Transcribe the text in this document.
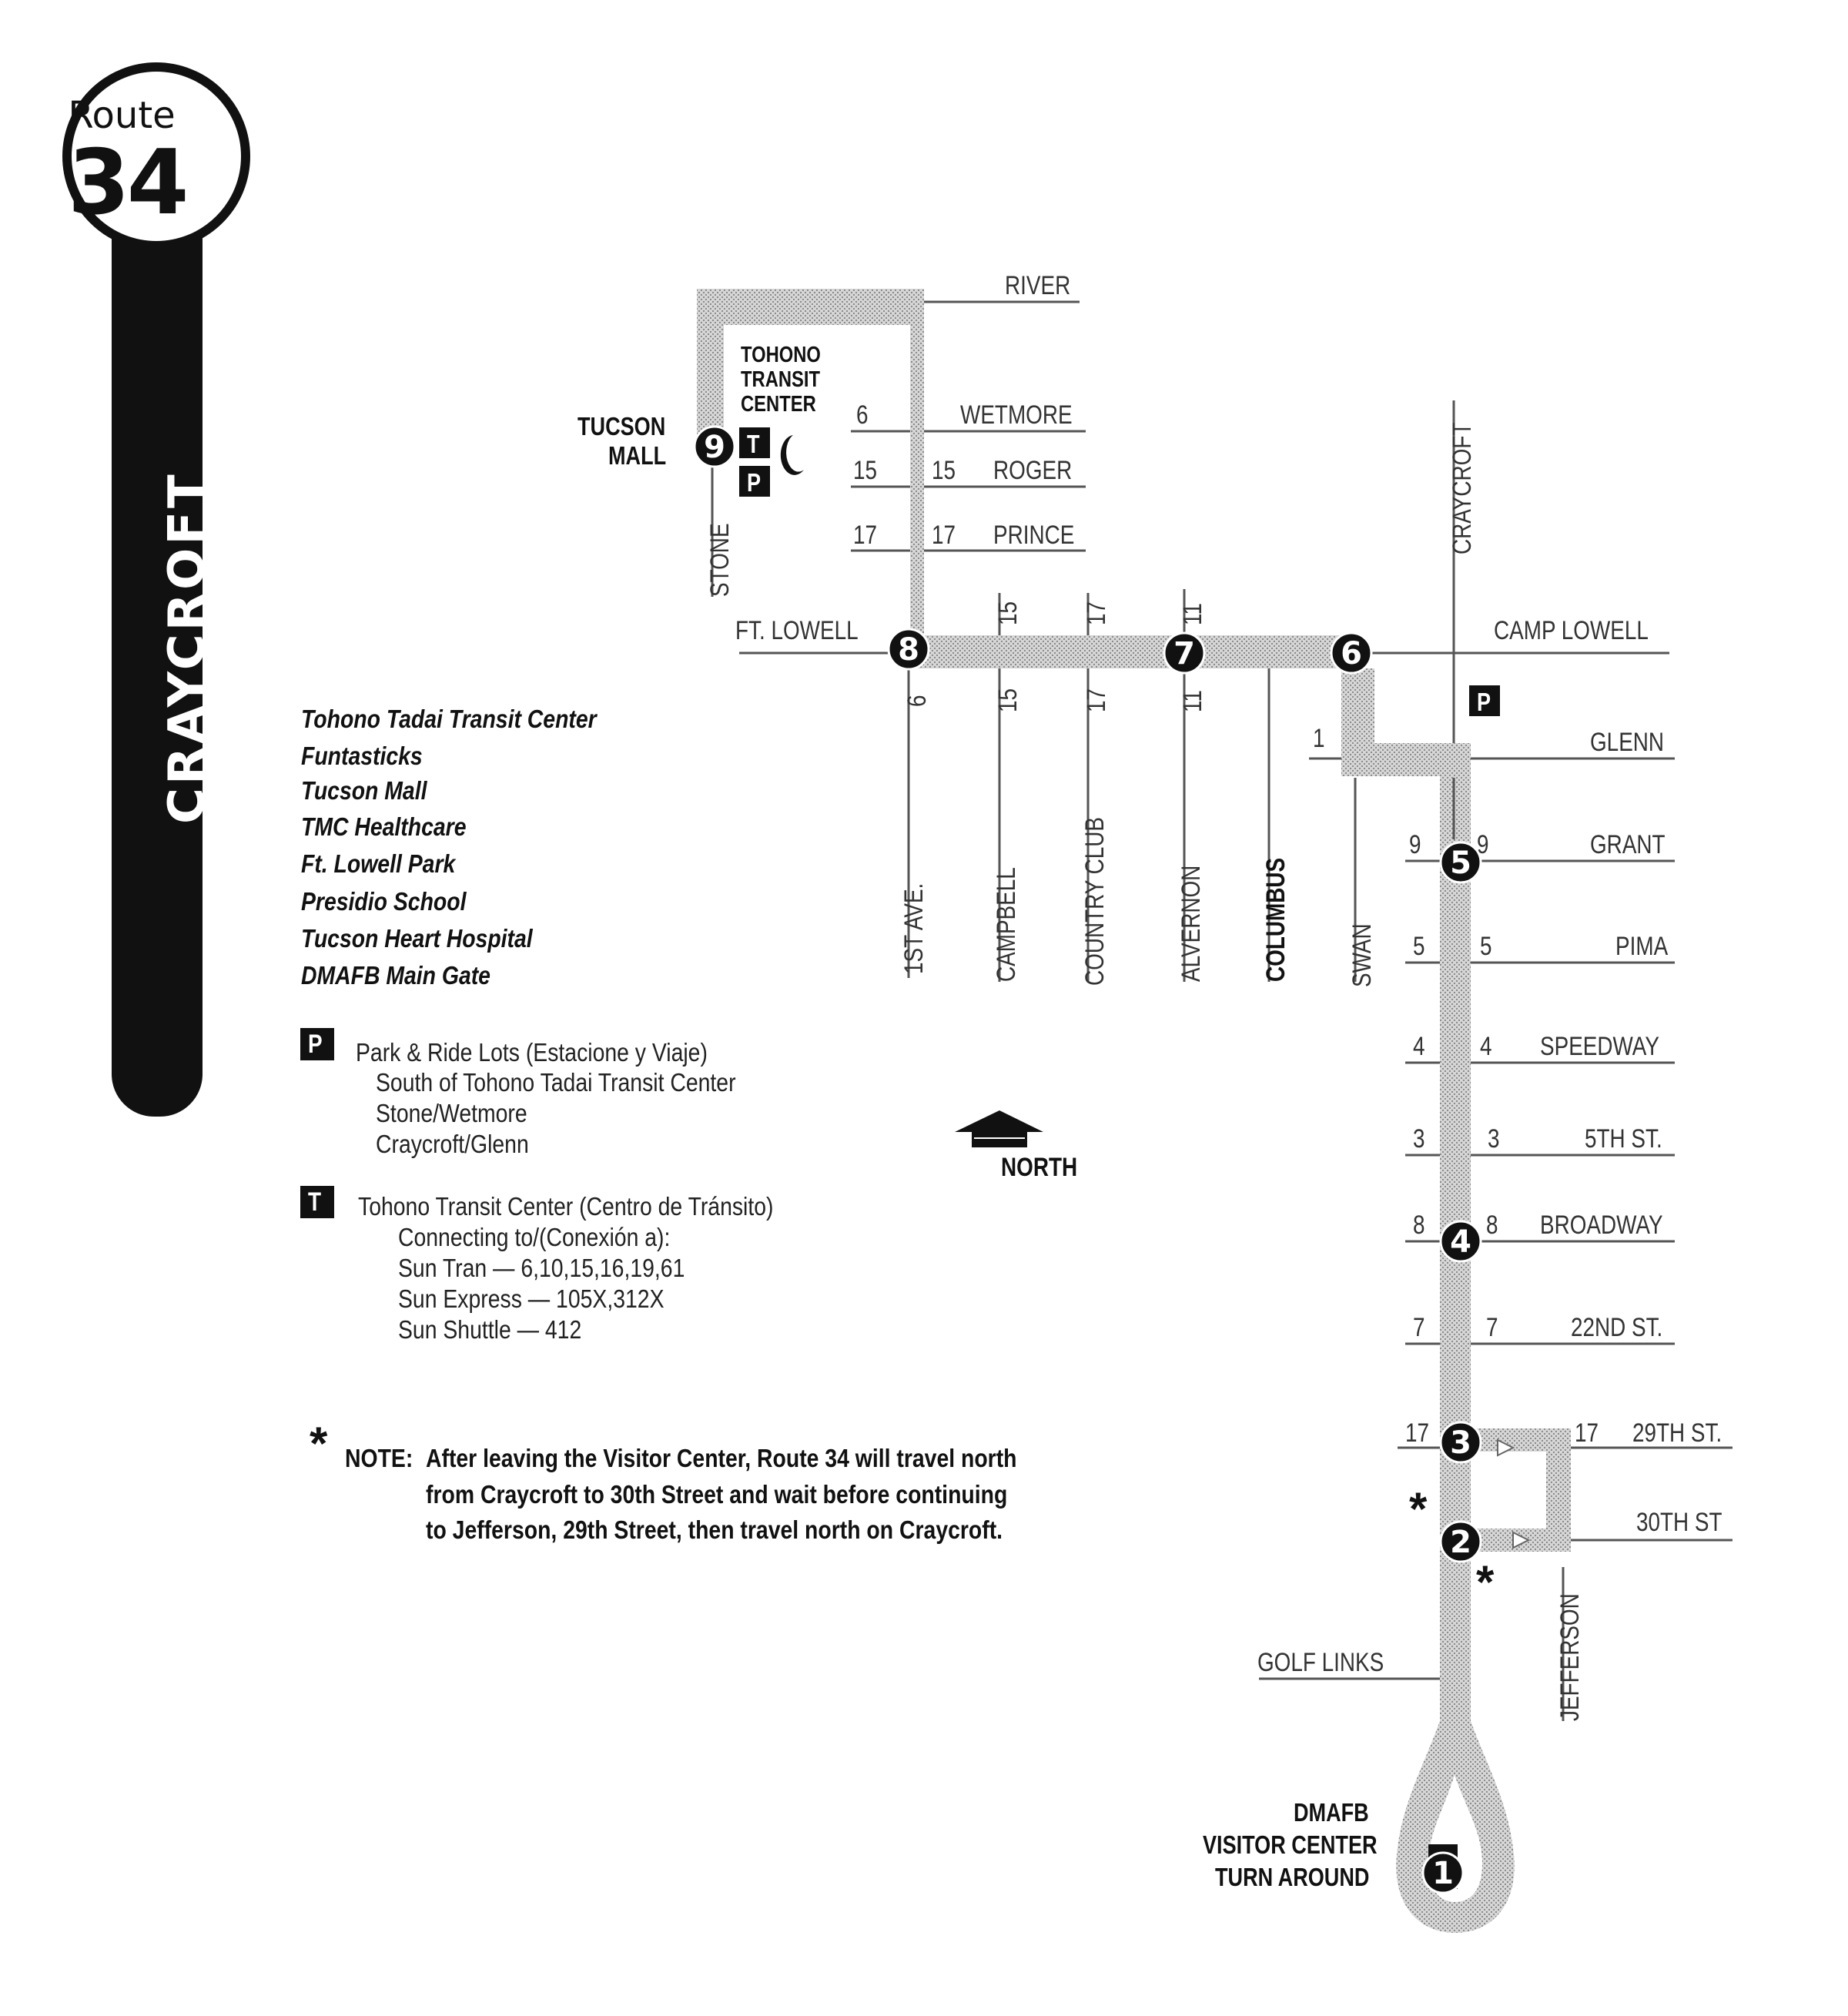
1
2
3
4
5
6
7
8
9
Route
34
CRAYCROFT	Tohono Tadai Transit Center
Funtasticks
Tucson Mall
TMC Healthcare
Ft. Lowell Park
Presidio School
Tucson Heart Hospital
DMAFB Main Gate
P Park & Ride Lots (Estacione y Viaje)
South of Tohono Tadai Transit Center
Stone/Wetmore
Craycroft/Glenn
T Tohono Transit Center (Centro de Tránsito)
Connecting to/(Conexión a):
Sun Tran — 6,10,15,16,19,61
Sun Express — 105X,312X
Sun Shuttle — 412
NORTH
* NOTE: After leaving the Visitor Center, Route 34 will travel north
from Craycroft to 30th Street and wait before continuing
to Jefferson, 29th Street, then travel north on Craycroft.	*
*
TUCSON
MALL
TOHONO
TRANSIT
CENTER
T
P
P
DMAFB
VISITOR CENTER
TURN AROUND
RIVER
WETMORE
ROGER
PRINCE
FT. LOWELL	CAMP LOWELL
GLENN
GRANT
PIMA
SPEEDWAY
5TH ST.
BROADWAY
22ND ST.
29TH ST.
30TH ST
GOLF LINKS
STONE
CRAYCROFT
1ST AVE. CAMPBELL COUNTRY CLUB	ALVERNON COLUMBUS SWAN
JEFFERSON
6
15 15
17 17
15 17	11
6 15 17	11
1
9 9
5 5
4 4
3 3
8 8
7 7
17	17
